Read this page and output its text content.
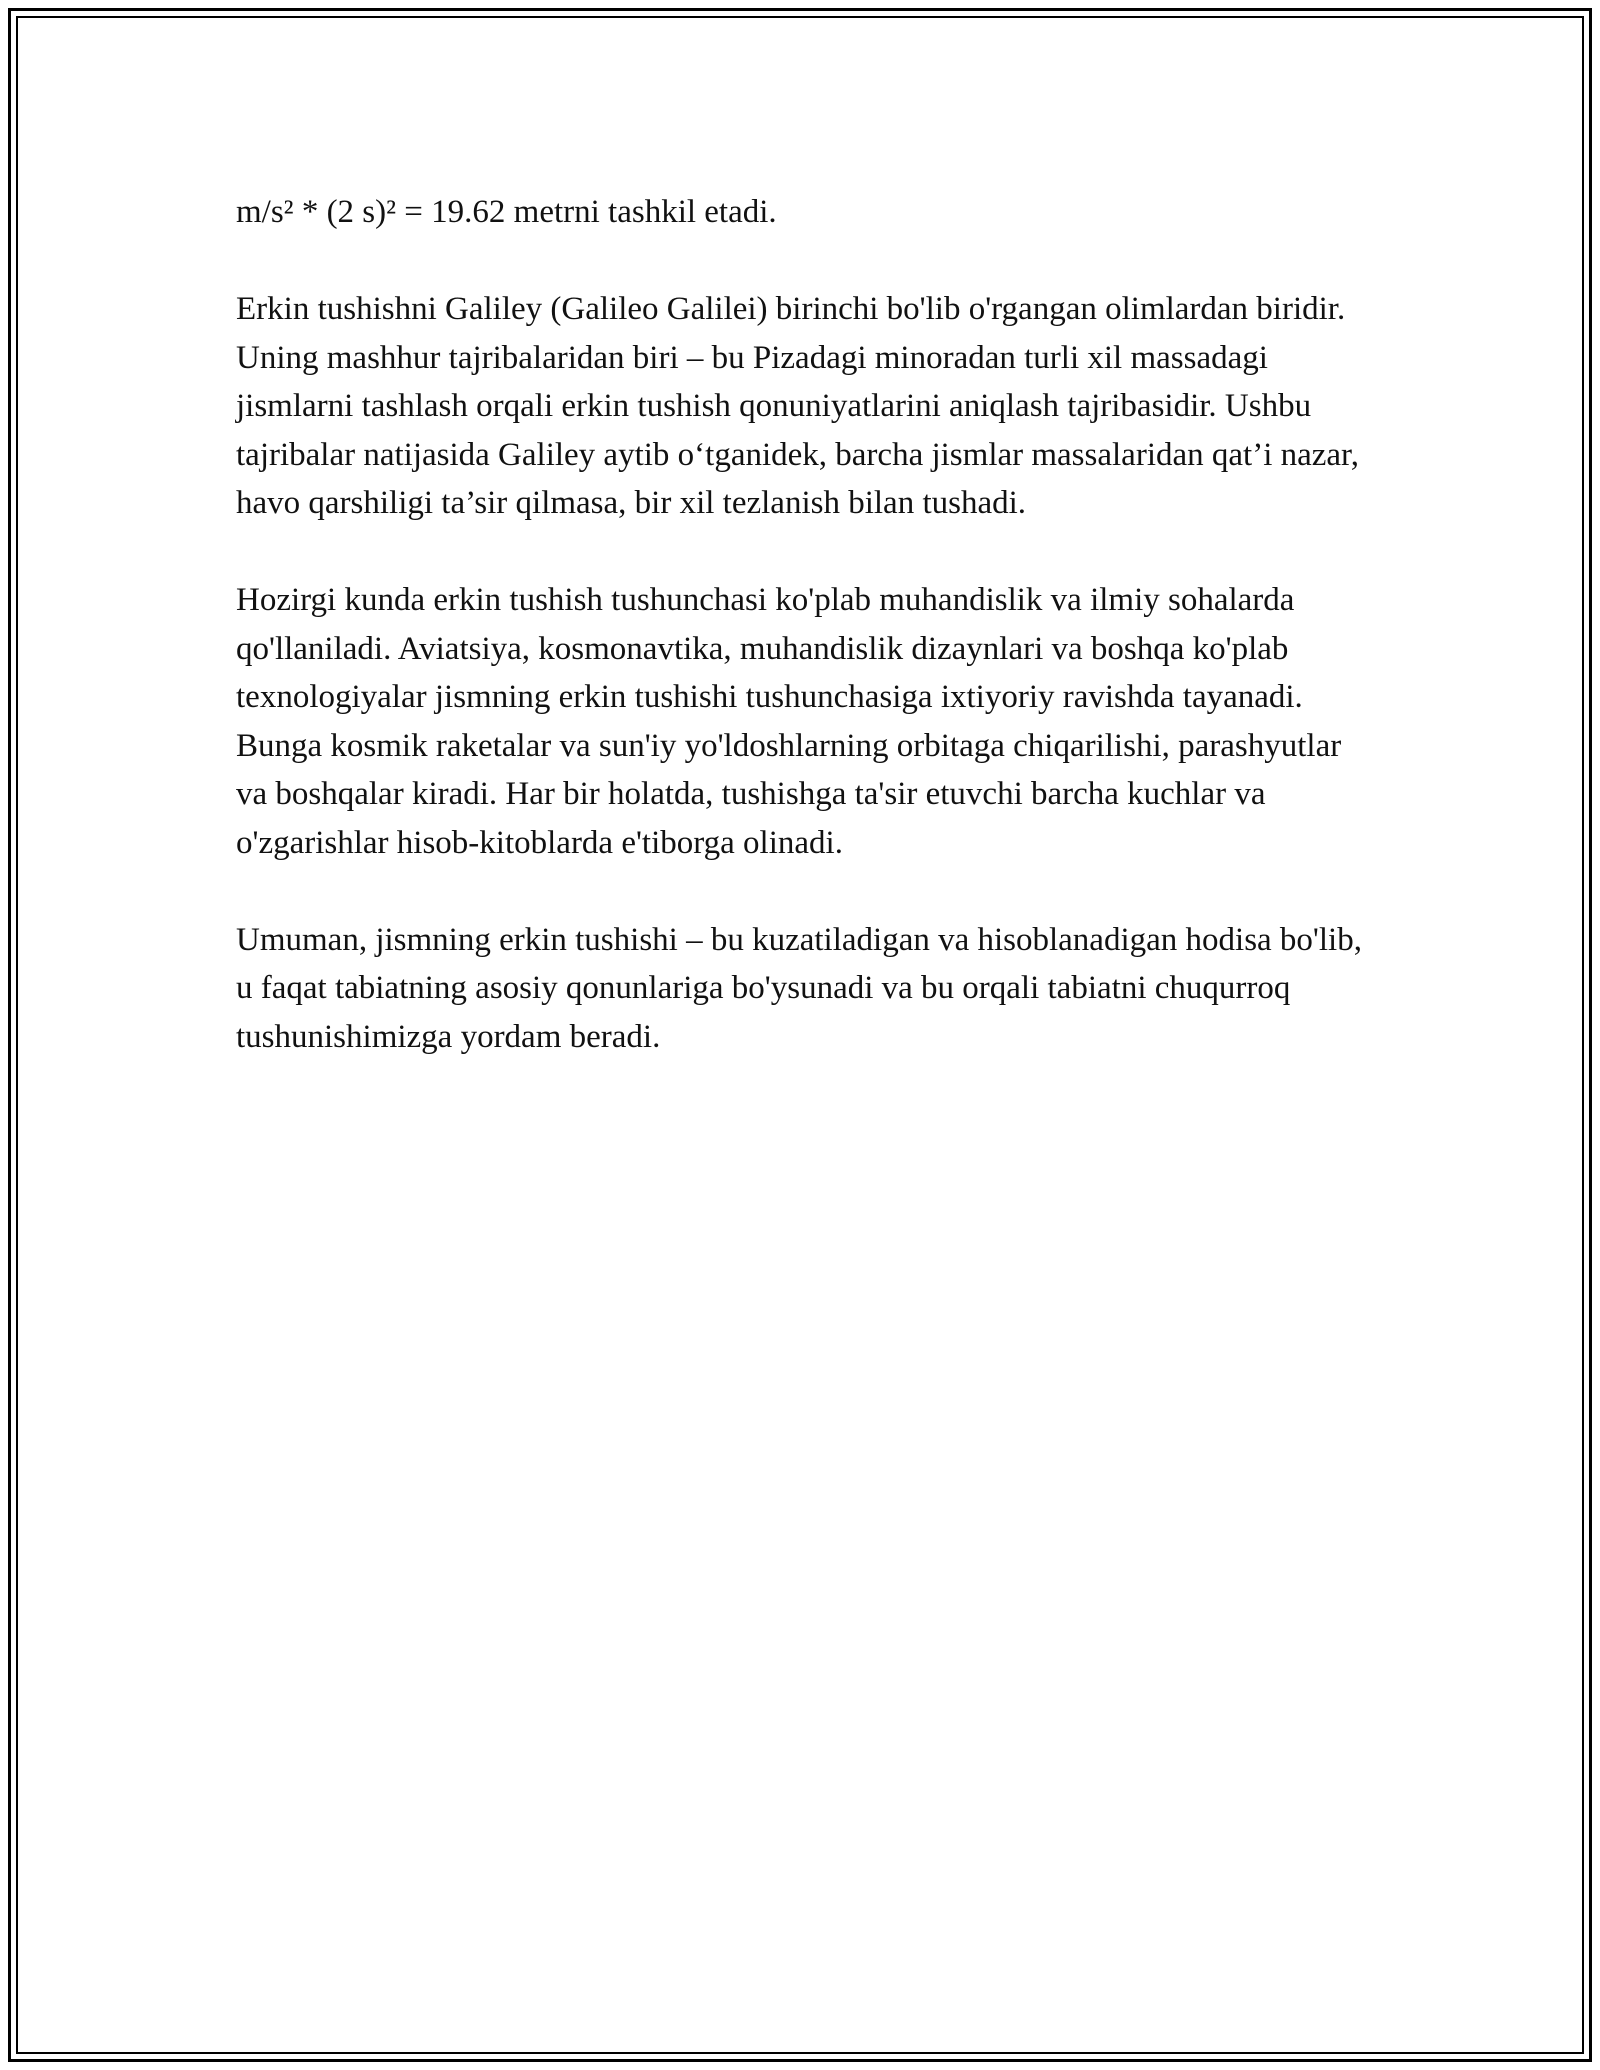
m/s² * (2 s)² = 19.62 metrni tashkil etadi.

Erkin tushishni Galiley (Galileo Galilei) birinchi bo'lib o'rgangan olimlardan biridir. Uning mashhur tajribalaridan biri – bu Pizadagi minoradan turli xil massadagi jismlarni tashlash orqali erkin tushish qonuniyatlarini aniqlash tajribasidir. Ushbu tajribalar natijasida Galiley aytib o‘tganidek, barcha jismlar massalaridan qat’i nazar, havo qarshiligi ta’sir qilmasa, bir xil tezlanish bilan tushadi.

Hozirgi kunda erkin tushish tushunchasi ko'plab muhandislik va ilmiy sohalarda qo'llaniladi. Aviatsiya, kosmonavtika, muhandislik dizaynlari va boshqa ko'plab texnologiyalar jismning erkin tushishi tushunchasiga ixtiyoriy ravishda tayanadi. Bunga kosmik raketalar va sun'iy yo'ldoshlarning orbitaga chiqarilishi, parashyutlar va boshqalar kiradi. Har bir holatda, tushishga ta'sir etuvchi barcha kuchlar va o'zgarishlar hisob-kitoblarda e'tiborga olinadi.

Umuman, jismning erkin tushishi – bu kuzatiladigan va hisoblanadigan hodisa bo'lib, u faqat tabiatning asosiy qonunlariga bo'ysunadi va bu orqali tabiatni chuqurroq tushunishimizga yordam beradi.
